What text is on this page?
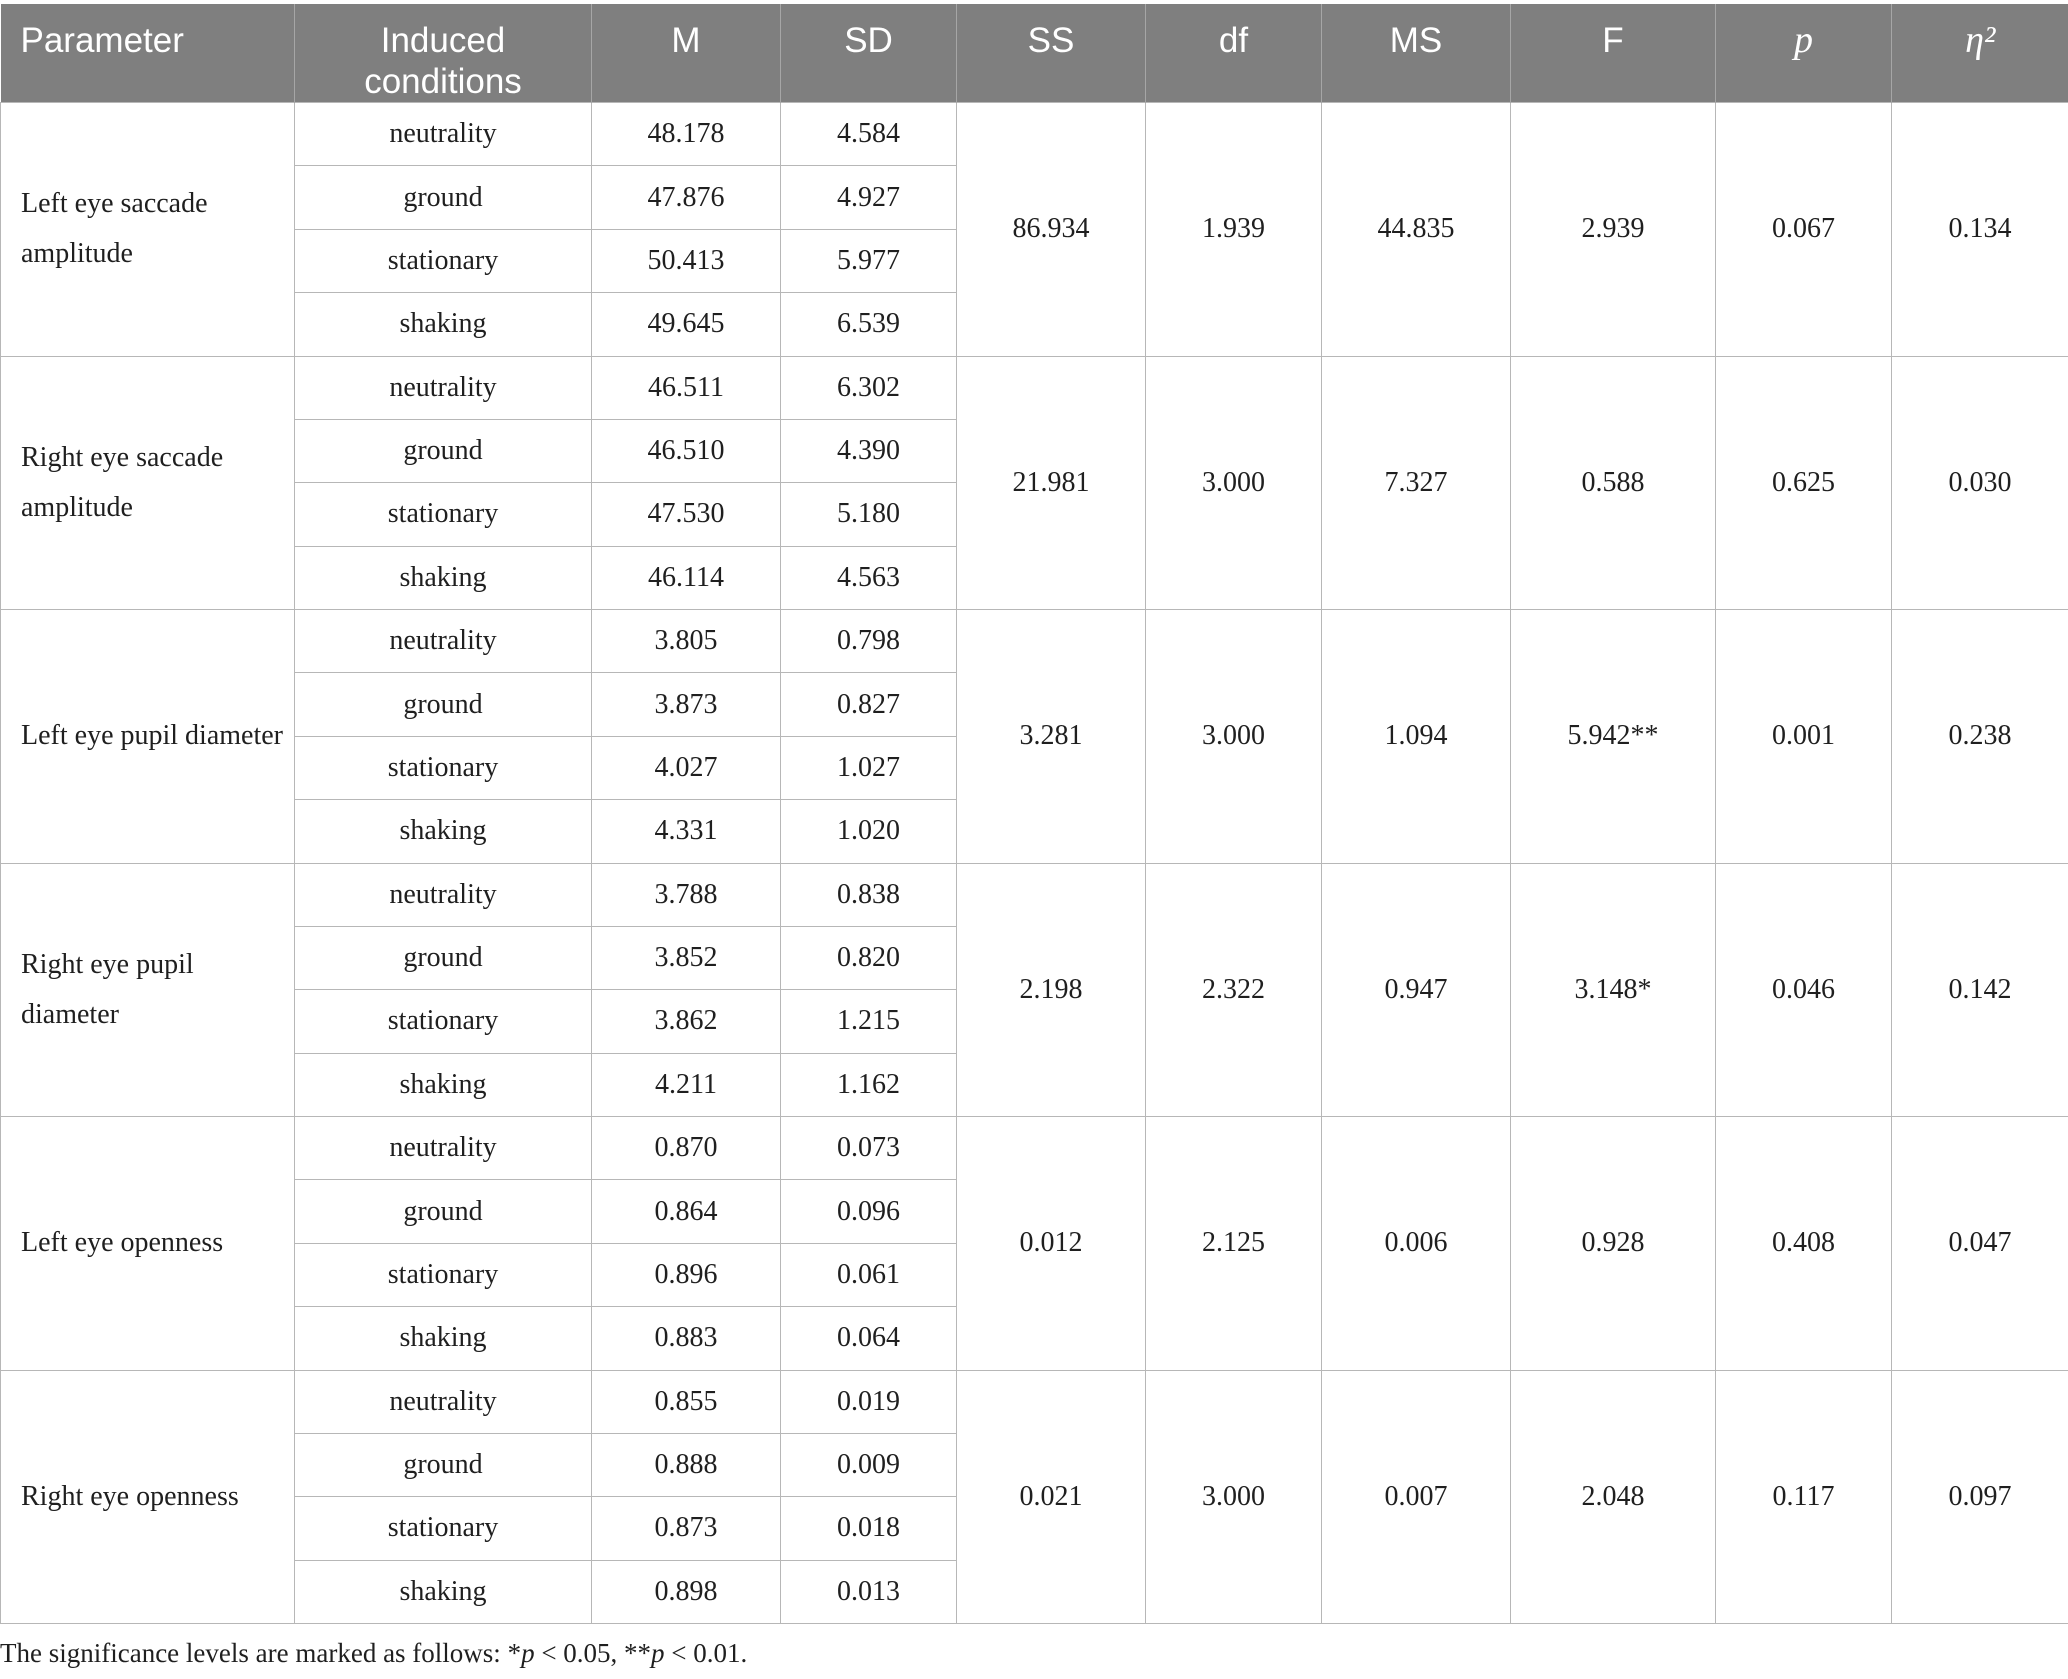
Parameter	Induced conditions	M	SD	SS	df	MS	F	p	η²
Left eye saccade amplitude	neutrality	48.178	4.584	86.934	1.939	44.835	2.939	0.067	0.134
	ground	47.876	4.927						
	stationary	50.413	5.977						
	shaking	49.645	6.539						
Right eye saccade amplitude	neutrality	46.511	6.302	21.981	3.000	7.327	0.588	0.625	0.030
	ground	46.510	4.390						
	stationary	47.530	5.180						
	shaking	46.114	4.563						
Left eye pupil diameter	neutrality	3.805	0.798	3.281	3.000	1.094	5.942**	0.001	0.238
	ground	3.873	0.827						
	stationary	4.027	1.027						
	shaking	4.331	1.020						
Right eye pupil diameter	neutrality	3.788	0.838	2.198	2.322	0.947	3.148*	0.046	0.142
	ground	3.852	0.820						
	stationary	3.862	1.215						
	shaking	4.211	1.162						
Left eye openness	neutrality	0.870	0.073	0.012	2.125	0.006	0.928	0.408	0.047
	ground	0.864	0.096						
	stationary	0.896	0.061						
	shaking	0.883	0.064						
Right eye openness	neutrality	0.855	0.019	0.021	3.000	0.007	2.048	0.117	0.097
	ground	0.888	0.009						
	stationary	0.873	0.018						
	shaking	0.898	0.013						
The significance levels are marked as follows: *p < 0.05, **p < 0.01.
